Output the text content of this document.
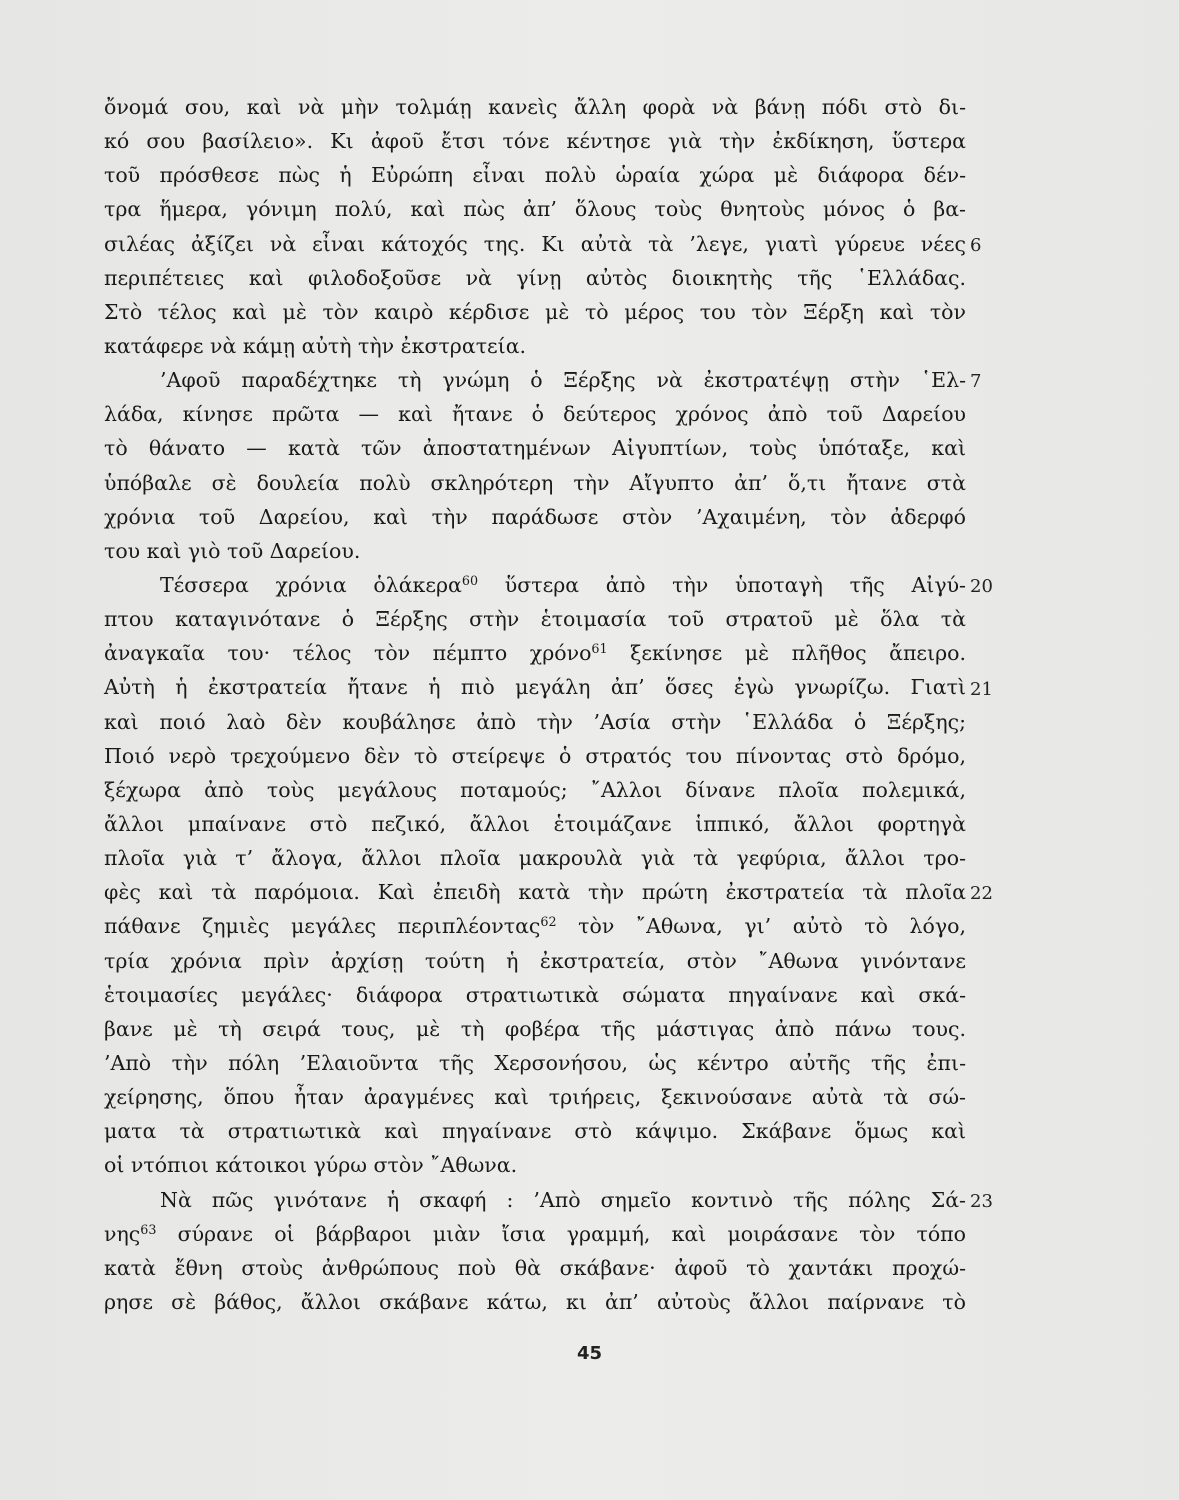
ὄνομά σου, καὶ νὰ μὴν τολμάῃ κανεὶς ἄλλη φορὰ νὰ βάνῃ πόδι στὸ δι-
κό σου βασίλειο». Κι ἀφοῦ ἔτσι τόνε κέντησε γιὰ τὴν ἐκδίκηση, ὕστερα
τοῦ πρόσθεσε πὼς ἡ Εὐρώπη εἶναι πολὺ ὡραία χώρα μὲ διάφορα δέν-
τρα ἥμερα, γόνιμη πολύ, καὶ πὼς ἀπ’ ὅλους τοὺς θνητοὺς μόνος ὁ βα-
σιλέας ἀξίζει νὰ εἶναι κάτοχός της. Κι αὐτὰ τὰ ’λεγε, γιατὶ γύρευε νέες
περιπέτειες καὶ φιλοδοξοῦσε νὰ γίνῃ αὐτὸς διοικητὴς τῆς ῾Ελλάδας.
Στὸ τέλος καὶ μὲ τὸν καιρὸ κέρδισε μὲ τὸ μέρος του τὸν Ξέρξη καὶ τὸν
κατάφερε νὰ κάμῃ αὐτὴ τὴν ἐκστρατεία.
’Αφοῦ παραδέχτηκε τὴ γνώμη ὁ Ξέρξης νὰ ἐκστρατέψῃ στὴν ῾Ελ-
λάδα, κίνησε πρῶτα — καὶ ἤτανε ὁ δεύτερος χρόνος ἀπὸ τοῦ Δαρείου
τὸ θάνατο — κατὰ τῶν ἀποστατημένων Αἰγυπτίων, τοὺς ὑπόταξε, καὶ
ὑπόβαλε σὲ δουλεία πολὺ σκληρότερη τὴν Αἴγυπτο ἀπ’ ὅ,τι ἤτανε στὰ
χρόνια τοῦ Δαρείου, καὶ τὴν παράδωσε στὸν ’Αχαιμένη, τὸν ἀδερφό
του καὶ γιὸ τοῦ Δαρείου.
Τέσσερα χρόνια ὁλάκερα$^{60}$ ὕστερα ἀπὸ τὴν ὑποταγὴ τῆς Αἰγύ-
πτου καταγινότανε ὁ Ξέρξης στὴν ἑτοιμασία τοῦ στρατοῦ μὲ ὅλα τὰ
ἀναγκαῖα του· τέλος τὸν πέμπτο χρόνο$^{61}$ ξεκίνησε μὲ πλῆθος ἄπειρο.
Αὐτὴ ἡ ἐκστρατεία ἤτανε ἡ πιὸ μεγάλη ἀπ’ ὅσες ἐγὼ γνωρίζω. Γιατὶ
καὶ ποιό λαὸ δὲν κουβάλησε ἀπὸ τὴν ’Ασία στὴν ῾Ελλάδα ὁ Ξέρξης;
Ποιό νερὸ τρεχούμενο δὲν τὸ στείρεψε ὁ στρατός του πίνοντας στὸ δρόμο,
ξέχωρα ἀπὸ τοὺς μεγάλους ποταμούς; ῎Αλλοι δίνανε πλοῖα πολεμικά,
ἄλλοι μπαίνανε στὸ πεζικό, ἄλλοι ἑτοιμάζανε ἱππικό, ἄλλοι φορτηγὰ
πλοῖα γιὰ τ’ ἄλογα, ἄλλοι πλοῖα μακρουλὰ γιὰ τὰ γεφύρια, ἄλλοι τρο-
φὲς καὶ τὰ παρόμοια. Καὶ ἐπειδὴ κατὰ τὴν πρώτη ἐκστρατεία τὰ πλοῖα
πάθανε ζημιὲς μεγάλες περιπλέοντας$^{62}$ τὸν ῎Αθωνα, γι’ αὐτὸ τὸ λόγο,
τρία χρόνια πρὶν ἀρχίσῃ τούτη ἡ ἐκστρατεία, στὸν ῎Αθωνα γινόντανε
ἑτοιμασίες μεγάλες· διάφορα στρατιωτικὰ σώματα πηγαίνανε καὶ σκά-
βανε μὲ τὴ σειρά τους, μὲ τὴ φοβέρα τῆς μάστιγας ἀπὸ πάνω τους.
’Απὸ τὴν πόλη ’Ελαιοῦντα τῆς Χερσονήσου, ὡς κέντρο αὐτῆς τῆς ἐπι-
χείρησης, ὅπου ἦταν ἀραγμένες καὶ τριήρεις, ξεκινούσανε αὐτὰ τὰ σώ-
ματα τὰ στρατιωτικὰ καὶ πηγαίνανε στὸ κάψιμο. Σκάβανε ὅμως καὶ
οἱ ντόπιοι κάτοικοι γύρω στὸν ῎Αθωνα.
Νὰ πῶς γινότανε ἡ σκαφή : ’Απὸ σημεῖο κοντινὸ τῆς πόλης Σά-
νης$^{63}$ σύρανε οἱ βάρβαροι μιὰν ἴσια γραμμή, καὶ μοιράσανε τὸν τόπο
κατὰ ἔθνη στοὺς ἀνθρώπους ποὺ θὰ σκάβανε· ἀφοῦ τὸ χαντάκι προχώ-
ρησε σὲ βάθος, ἄλλοι σκάβανε κάτω, κι ἀπ’ αὐτοὺς ἄλλοι παίρνανε τὸ
6
7
20
21
22
23
45
